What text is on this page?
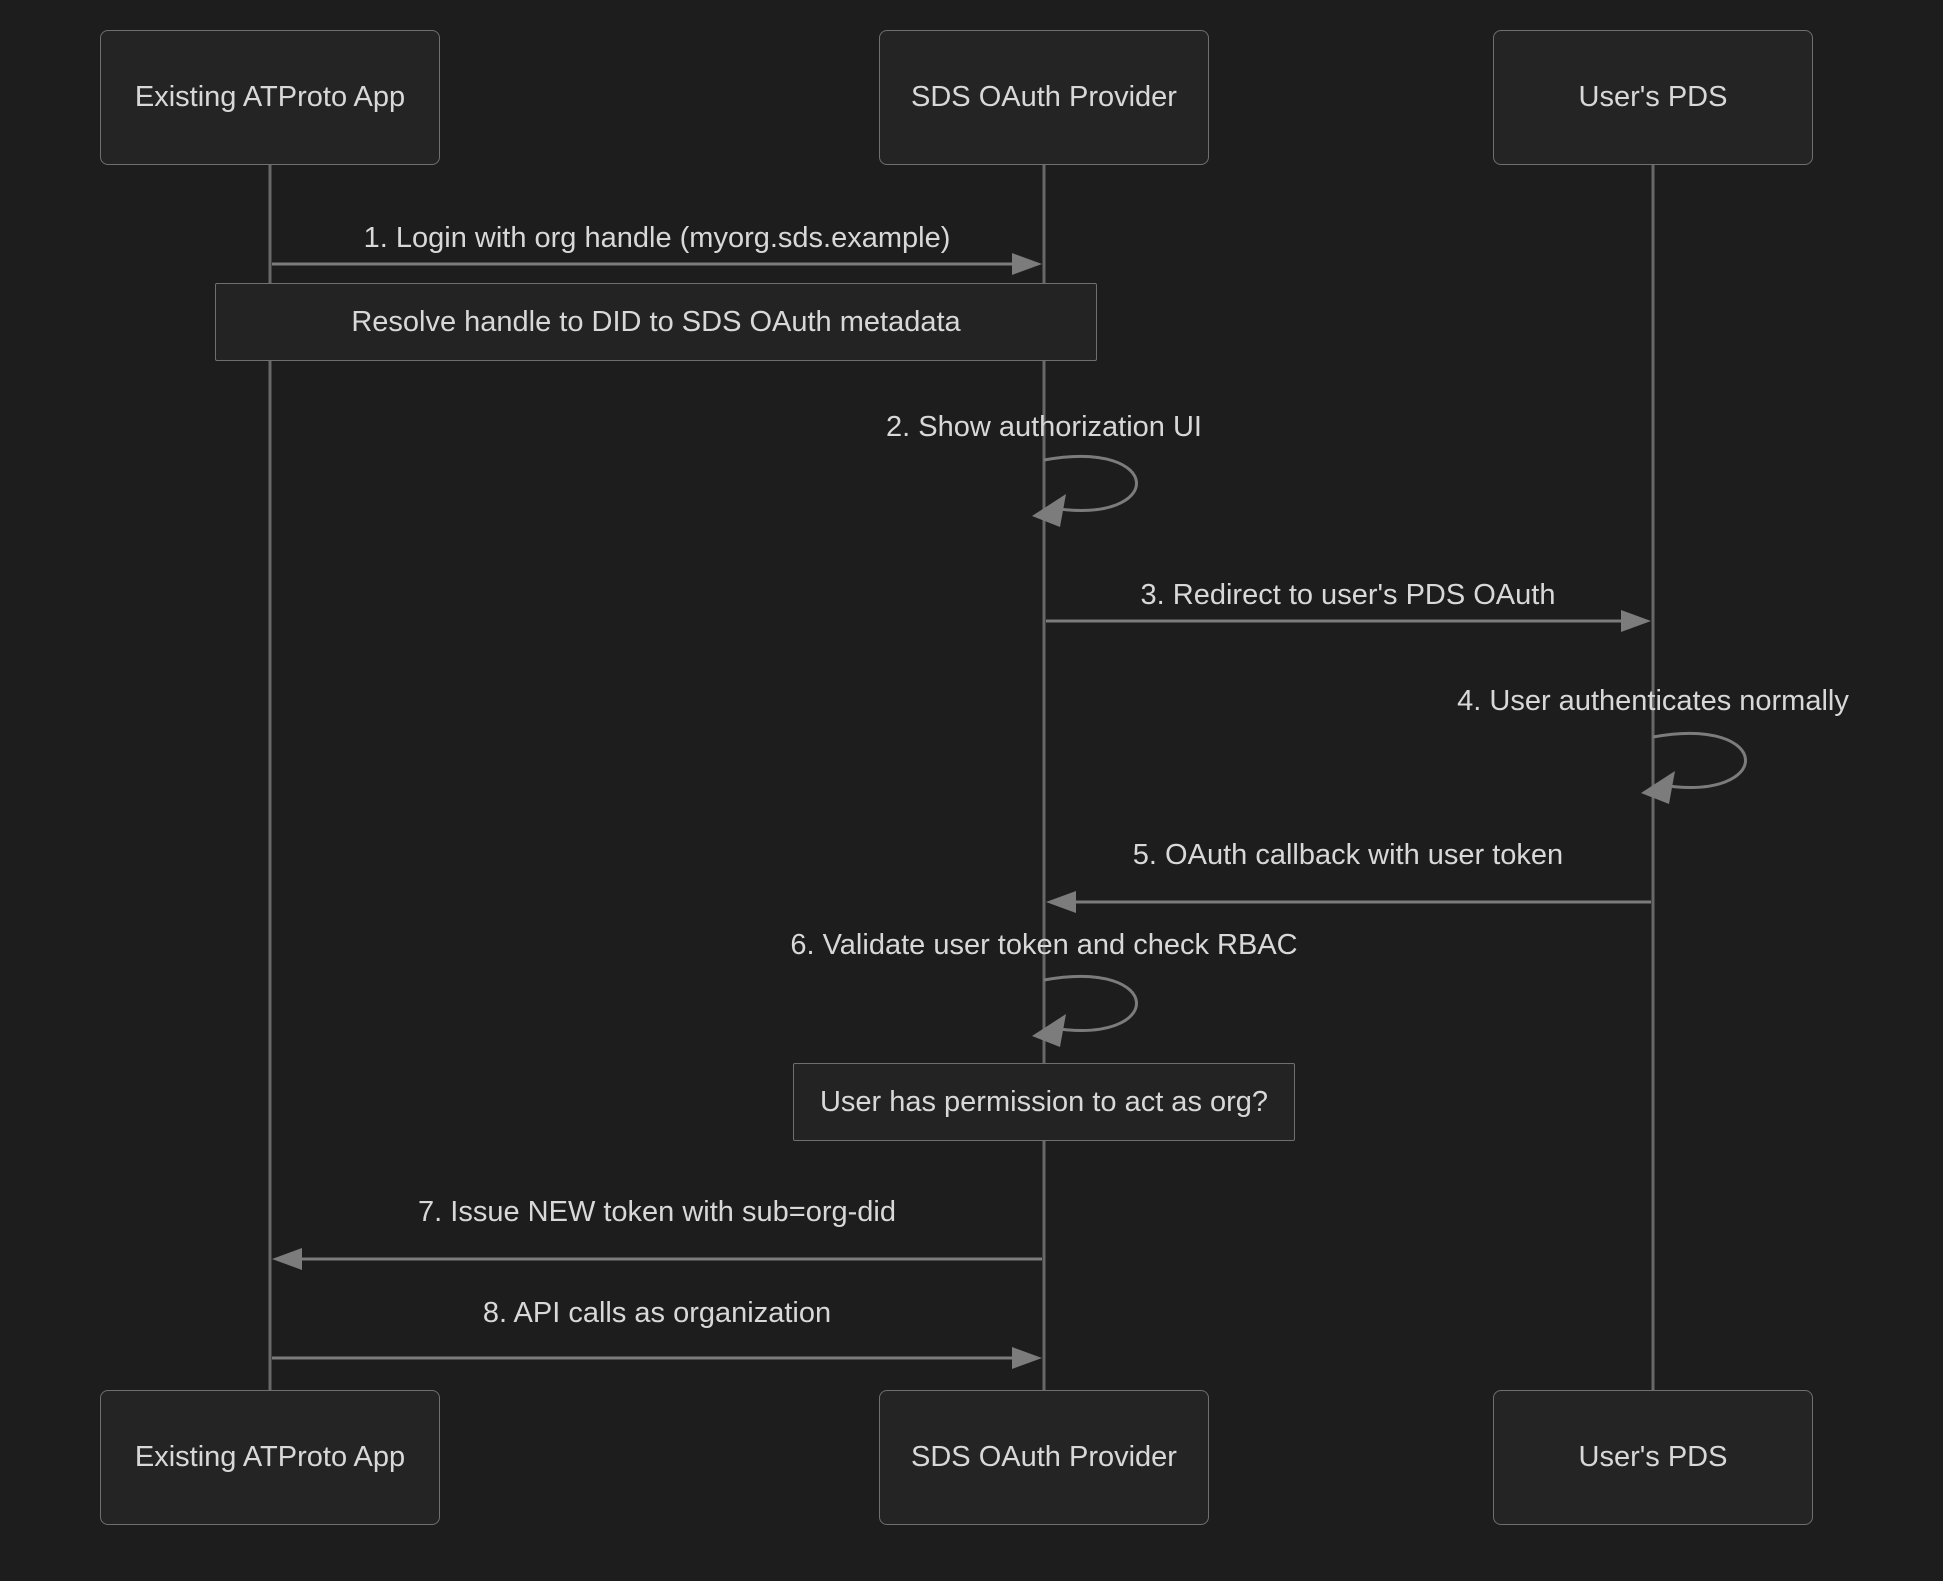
Existing ATProto App	SDS OAuth Provider	User's PDS
Existing ATProto App	SDS OAuth Provider	User's PDS
1. Login with org handle (myorg.sds.example)
2. Show authorization UI
3. Redirect to user's PDS OAuth
4. User authenticates normally
5. OAuth callback with user token
6. Validate user token and check RBAC
7. Issue NEW token with sub=org-did
8. API calls as organization
Resolve handle to DID to SDS OAuth metadata
User has permission to act as org?
